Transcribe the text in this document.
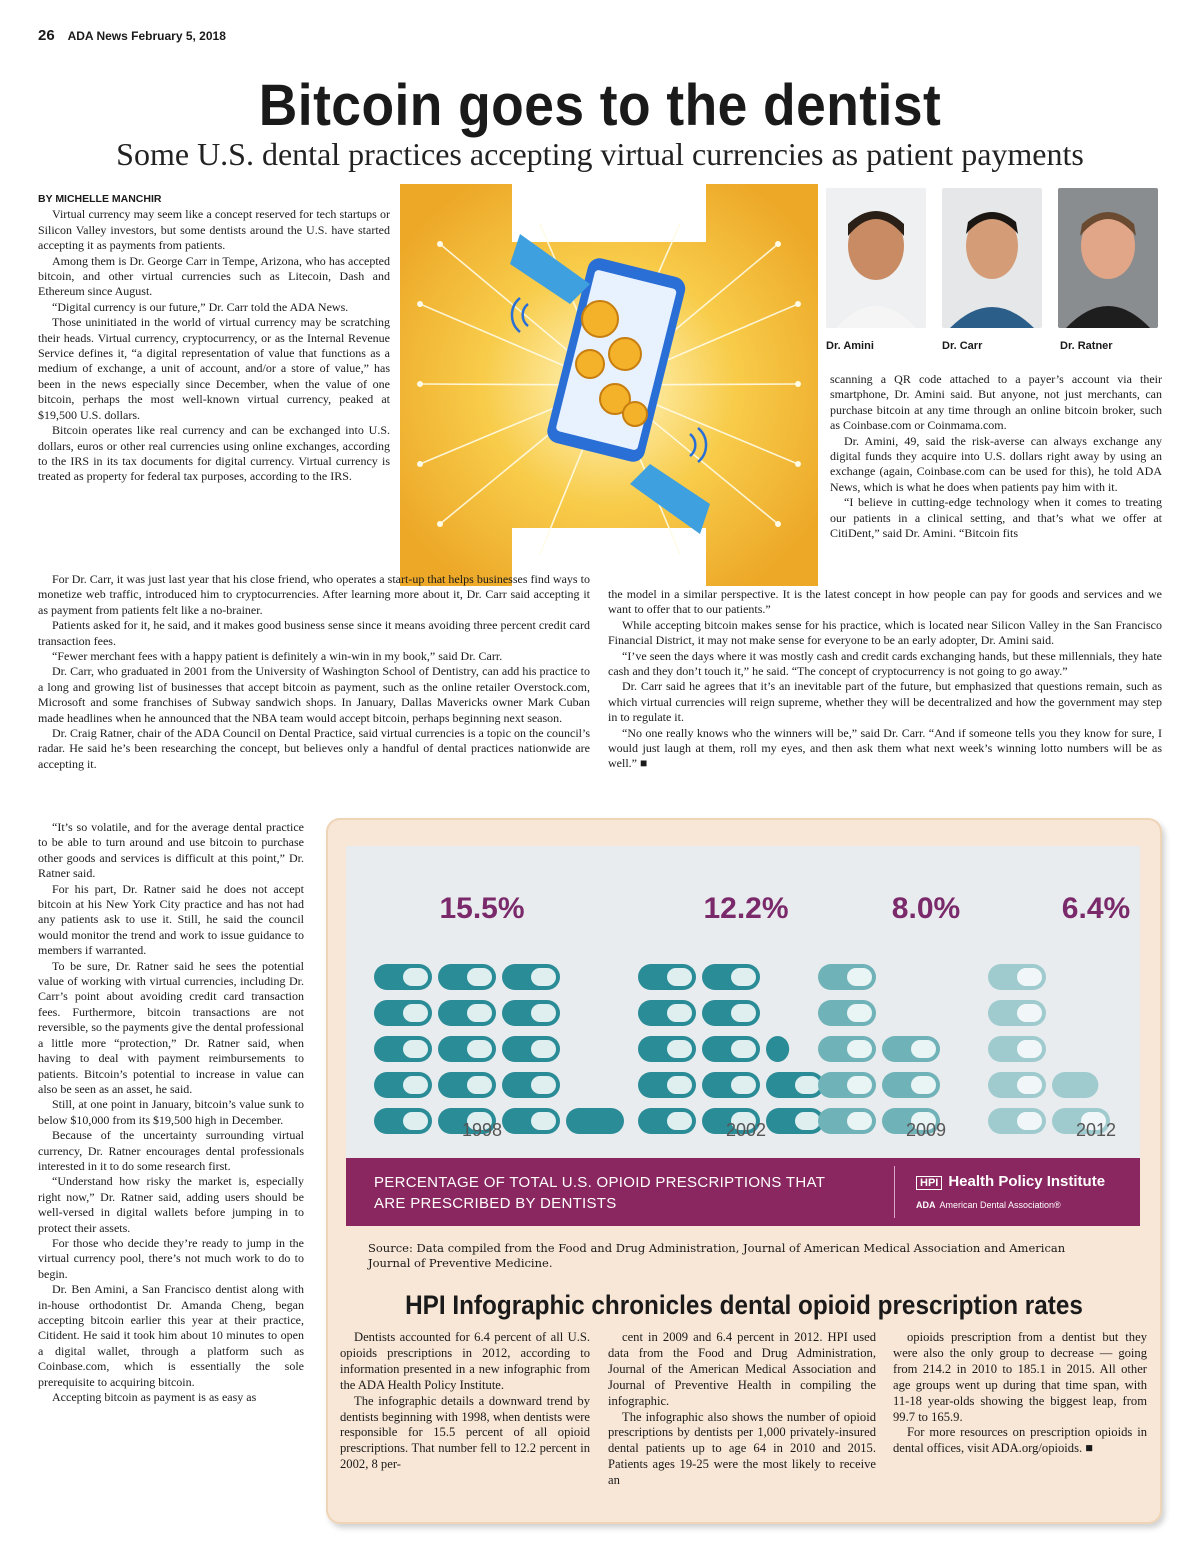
26 ADA News February 5, 2018
Bitcoin goes to the dentist
Some U.S. dental practices accepting virtual currencies as patient payments

BY MICHELLE MANCHIR

Virtual currency may seem like a concept reserved for tech startups or Silicon Valley investors, but some dentists around the U.S. have started accepting it as payments from patients.

Among them is Dr. George Carr in Tempe, Arizona, who has accepted bitcoin, and other virtual currencies such as Litecoin, Dash and Ethereum since August.

“Digital currency is our future,” Dr. Carr told the ADA News.

Those uninitiated in the world of virtual currency may be scratching their heads. Virtual currency, cryptocurrency, or as the Internal Revenue Service defines it, “a digital representation of value that functions as a medium of exchange, a unit of account, and/or a store of value,” has been in the news especially since December, when the value of one bitcoin, perhaps the most well-known virtual currency, peaked at $19,500 U.S. dollars.

Bitcoin operates like real currency and can be exchanged into U.S. dollars, euros or other real currencies using online exchanges, according to the IRS in its tax documents for digital currency. Virtual currency is treated as property for federal tax purposes, according to the IRS.

Dr. Amini	Dr. Carr	Dr. Ratner

scanning a QR code attached to a payer’s account via their smartphone, Dr. Amini said. But anyone, not just merchants, can purchase bitcoin at any time through an online bitcoin broker, such as Coinbase.com or Coinmama.com.

Dr. Amini, 49, said the risk-averse can always exchange any digital funds they acquire into U.S. dollars right away by using an exchange (again, Coinbase.com can be used for this), he told ADA News, which is what he does when patients pay him with it.

“I believe in cutting-edge technology when it comes to treating our patients in a clinical setting, and that’s what we offer at CitiDent,” said Dr. Amini. “Bitcoin fits

For Dr. Carr, it was just last year that his close friend, who operates a start-up that helps businesses find ways to monetize web traffic, introduced him to cryptocurrencies. After learning more about it, Dr. Carr said accepting it as payment from patients felt like a no-brainer.

Patients asked for it, he said, and it makes good business sense since it means avoiding three percent credit card transaction fees.

“Fewer merchant fees with a happy patient is definitely a win-win in my book,” said Dr. Carr.

Dr. Carr, who graduated in 2001 from the University of Washington School of Dentistry, can add his practice to a long and growing list of businesses that accept bitcoin as payment, such as the online retailer Overstock.com, Microsoft and some franchises of Subway sandwich shops. In January, Dallas Mavericks owner Mark Cuban made headlines when he announced that the NBA team would accept bitcoin, perhaps beginning next season.

Dr. Craig Ratner, chair of the ADA Council on Dental Practice, said virtual currencies is a topic on the council’s radar. He said he’s been researching the concept, but believes only a handful of dental practices nationwide are accepting it.

the model in a similar perspective. It is the latest concept in how people can pay for goods and services and we want to offer that to our patients.”

While accepting bitcoin makes sense for his practice, which is located near Silicon Valley in the San Francisco Financial District, it may not make sense for everyone to be an early adopter, Dr. Amini said.

“I’ve seen the days where it was mostly cash and credit cards exchanging hands, but these millennials, they hate cash and they don’t touch it,” he said. “The concept of cryptocurrency is not going to go away.”

Dr. Carr said he agrees that it’s an inevitable part of the future, but emphasized that questions remain, such as which virtual currencies will reign supreme, whether they will be decentralized and how the government may step in to regulate it.

“No one really knows who the winners will be,” said Dr. Carr. “And if someone tells you they know for sure, I would just laugh at them, roll my eyes, and then ask them what next week’s winning lotto numbers will be as well.” ■

“It’s so volatile, and for the average dental practice to be able to turn around and use bitcoin to purchase other goods and services is difficult at this point,” Dr. Ratner said.

For his part, Dr. Ratner said he does not accept bitcoin at his New York City practice and has not had any patients ask to use it. Still, he said the council would monitor the trend and work to issue guidance to members if warranted.

To be sure, Dr. Ratner said he sees the potential value of working with virtual currencies, including Dr. Carr’s point about avoiding credit card transaction fees. Furthermore, bitcoin transactions are not reversible, so the payments give the dental professional a little more “protection,” Dr. Ratner said, when having to deal with payment reimbursements to patients. Bitcoin’s potential to increase in value can also be seen as an asset, he said.

Still, at one point in January, bitcoin’s value sunk to below $10,000 from its $19,500 high in December.

Because of the uncertainty surrounding virtual currency, Dr. Ratner encourages dental professionals interested in it to do some research first.

“Understand how risky the market is, especially right now,” Dr. Ratner said, adding users should be well-versed in digital wallets before jumping in to protect their assets.

For those who decide they’re ready to jump in the virtual currency pool, there’s not much work to do to begin.

Dr. Ben Amini, a San Francisco dentist along with in-house orthodontist Dr. Amanda Cheng, began accepting bitcoin earlier this year at their practice, Citident. He said it took him about 10 minutes to open a digital wallet, through a platform such as Coinbase.com, which is essentially the sole prerequisite to acquiring bitcoin.

Accepting bitcoin as payment is as easy as

15.5%
1998
12.2%
2002
8.0%
2009
6.4%
2012
PERCENTAGE OF TOTAL U.S. OPIOID PRESCRIPTIONS THAT
ARE PRESCRIBED BY DENTISTS
HPI Health Policy Institute
ADA American Dental Association®
Source: Data compiled from the Food and Drug Administration, Journal of American Medical Association and American Journal of Preventive Medicine.
HPI Infographic chronicles dental opioid prescription rates

Dentists accounted for 6.4 percent of all U.S. opioids prescriptions in 2012, according to information presented in a new infographic from the ADA Health Policy Institute.

The infographic details a downward trend by dentists beginning with 1998, when dentists were responsible for 15.5 percent of all opioid prescriptions. That number fell to 12.2 percent in 2002, 8 per-

cent in 2009 and 6.4 percent in 2012. HPI used data from the Food and Drug Administration, Journal of the American Medical Association and Journal of Preventive Health in compiling the infographic.

The infographic also shows the number of opioid prescriptions by dentists per 1,000 privately-insured dental patients up to age 64 in 2010 and 2015. Patients ages 19-25 were the most likely to receive an

opioids prescription from a dentist but they were also the only group to decrease — going from 214.2 in 2010 to 185.1 in 2015. All other age groups went up during that time span, with 11-18 year-olds showing the biggest leap, from 99.7 to 165.9.

For more resources on prescription opioids in dental offices, visit ADA.org/opioids. ■
